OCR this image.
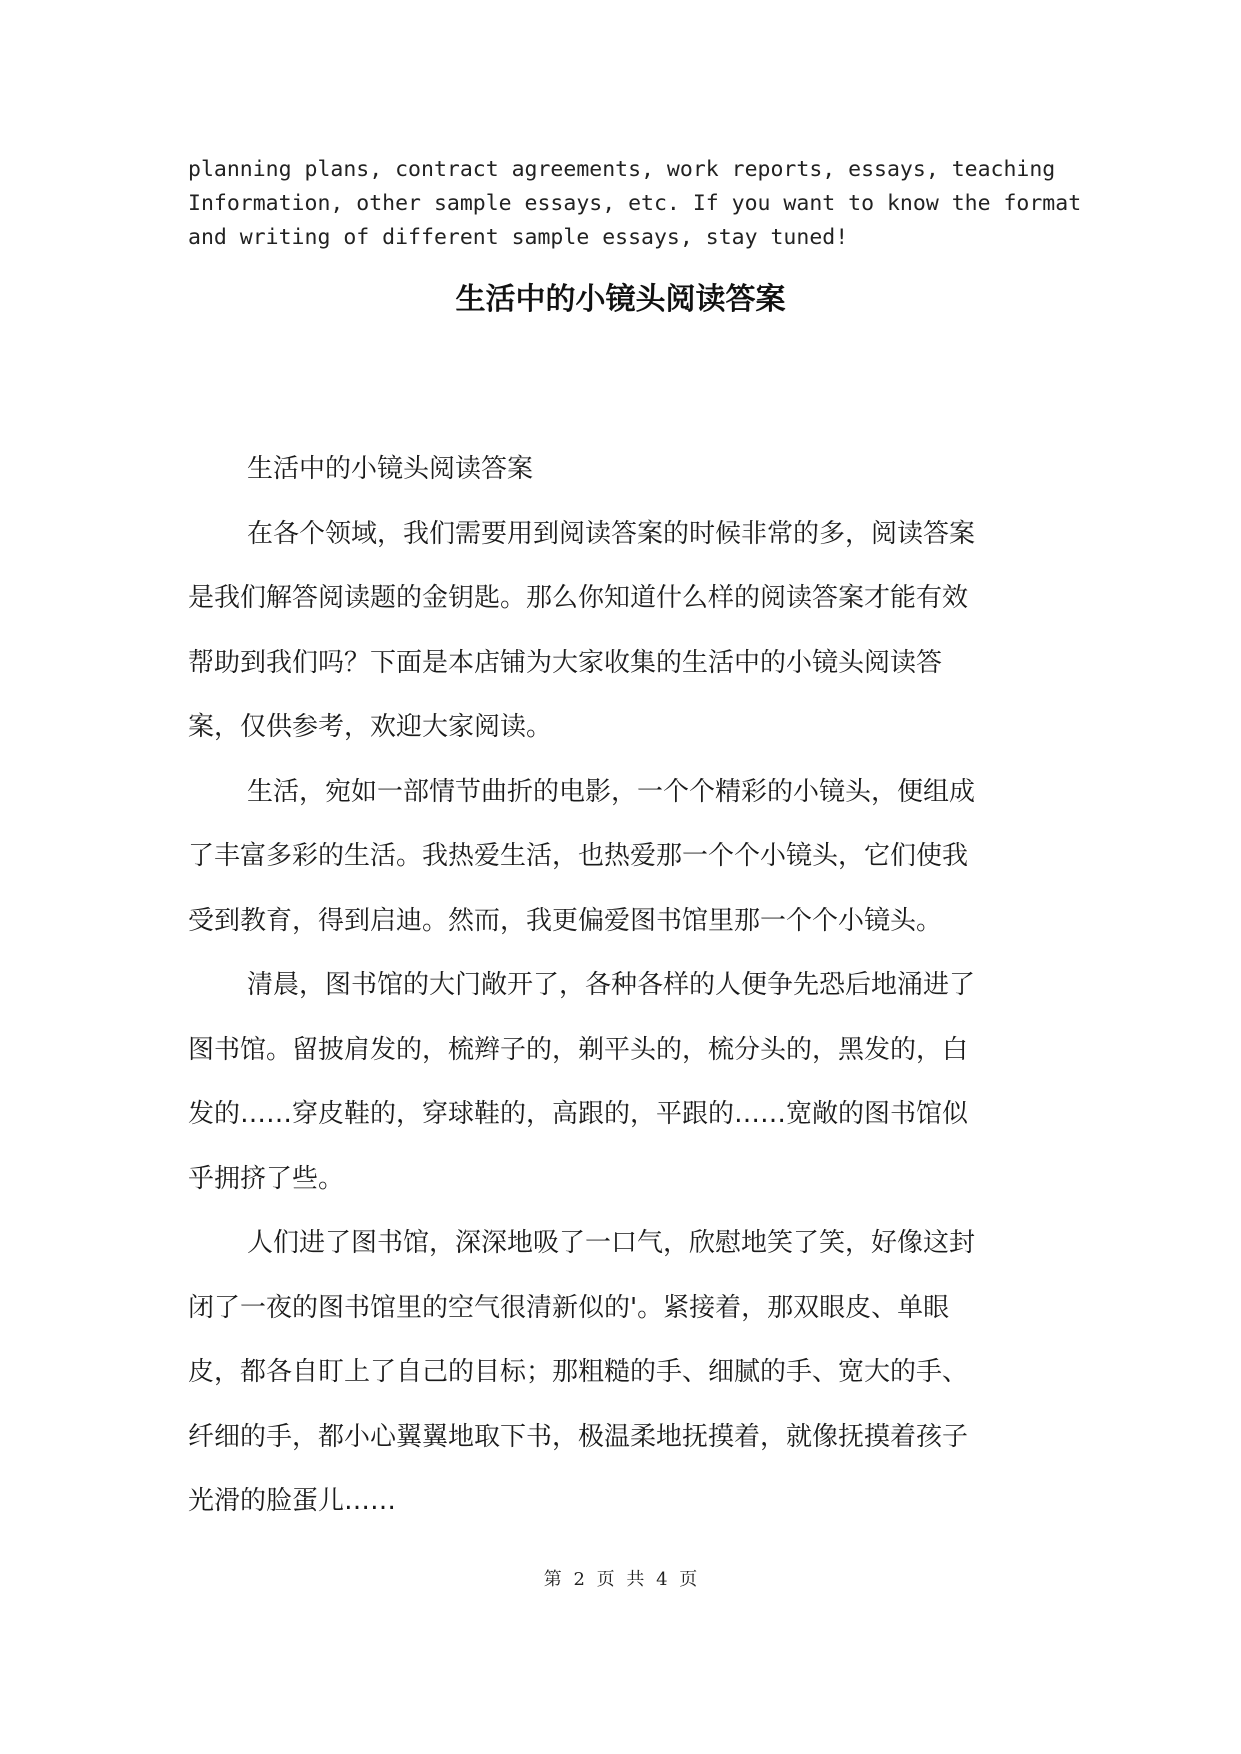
planning plans, contract agreements, work reports, essays, teaching
Information, other sample essays, etc. If you want to know the format
and writing of different sample essays, stay tuned!
生活中的小镜头阅读答案

生活中的小镜头阅读答案

在各个领域，我们需要用到阅读答案的时候非常的多，阅读答案
是我们解答阅读题的金钥匙。那么你知道什么样的阅读答案才能有效
帮助到我们吗？下面是本店铺为大家收集的生活中的小镜头阅读答
案，仅供参考，欢迎大家阅读。

生活，宛如一部情节曲折的电影，一个个精彩的小镜头，便组成
了丰富多彩的生活。我热爱生活，也热爱那一个个小镜头，它们使我
受到教育，得到启迪。然而，我更偏爱图书馆里那一个个小镜头。

清晨，图书馆的大门敞开了，各种各样的人便争先恐后地涌进了
图书馆。留披肩发的，梳辫子的，剃平头的，梳分头的，黑发的，白
发的……穿皮鞋的，穿球鞋的，高跟的，平跟的……宽敞的图书馆似
乎拥挤了些。

人们进了图书馆，深深地吸了一口气，欣慰地笑了笑，好像这封
闭了一夜的图书馆里的空气很清新似的'。紧接着，那双眼皮、单眼
皮，都各自盯上了自己的目标；那粗糙的手、细腻的手、宽大的手、
纤细的手，都小心翼翼地取下书，极温柔地抚摸着，就像抚摸着孩子
光滑的脸蛋儿……

第 2 页 共 4 页
